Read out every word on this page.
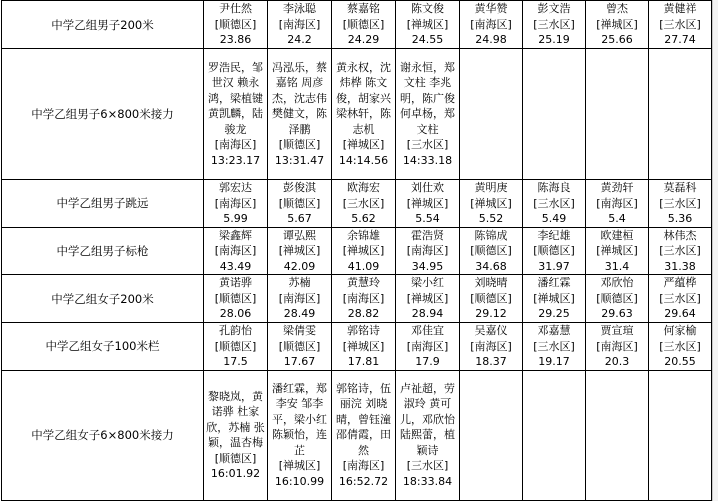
中学乙组男子200米	尹仕然
[顺德区]
23.86	李泳聪
[南海区]
24.2	蔡嘉铭
[顺德区]
24.29	陈文俊
[禅城区]
24.55	黄华赞
[南海区]
24.98	彭文浩
[三水区]
25.19	曾杰
[禅城区]
25.66	黄健祥
[三水区]
27.74

中学乙组男子6×800米接力	罗浩民，邹世汉 赖永鸿，梁植键 黄凯麟，陆骏龙
[南海区]
13:23.17	冯泓乐，蔡嘉铭 周彦杰，沈志伟 樊健文，陈泽鹏
[顺德区]
13:31.47	黄永权，沈炜桦 陈文俊，胡家兴 梁林轩，陈志机
[禅城区]
14:14.56	谢永恒，郑文柱 李兆明，陈广俊 何卓杨，郑文柱
[三水区]
14:33.18				

中学乙组男子跳远	郭宏达
[南海区]
5.99	彭俊淇
[顺德区]
5.67	欧海宏
[三水区]
5.62	刘仕欢
[禅城区]
5.54	黄明庚
[禅城区]
5.52	陈海良
[三水区]
5.49	黄劲轩
[南海区]
5.4	莫磊科
[三水区]
5.36

中学乙组男子标枪	梁鑫辉
[南海区]
43.49	谭弘熙
[禅城区]
42.09	余锦雄
[禅城区]
41.09	霍浩贤
[南海区]
34.95	陈锦成
[顺德区]
34.68	李纪雄
[顺德区]
31.97	欧建桓
[禅城区]
31.4	林伟杰
[三水区]
31.38

中学乙组女子200米	黄诺骅
[顺德区]
28.06	苏楠
[南海区]
28.49	黄慧玲
[南海区]
28.82	梁小红
[禅城区]
28.94	刘晓晴
[顺德区]
29.12	潘红霖
[禅城区]
29.25	邓欣怡
[顺德区]
29.63	严蕴桦
[三水区]
29.64

中学乙组女子100米栏	孔韵怡
[顺德区]
17.5	梁倩雯
[顺德区]
17.67	郭铭诗
[禅城区]
17.81	邓佳宜
[南海区]
17.9	吴嘉仪
[南海区]
18.37	邓嘉慧
[三水区]
19.17	贾宣瑄
[南海区]
20.3	何家榆
[三水区]
20.55

中学乙组女子6×800米接力	黎晓岚，黄诺骅 杜家欣，苏楠 张颖，温杏梅
[顺德区]
16:01.92	潘红霖，郑李安 邹李平，梁小红 陈颖怡，连芷
[禅城区]
16:10.99	郭铭诗，伍丽浣 刘晓晴，曾钰潼 邵倩霞，田然
[南海区]
16:52.72	卢祉超，劳淑玲 黄可儿，邓欣怡 陆熙蕾，植颖诗
[三水区]
18:33.84				
